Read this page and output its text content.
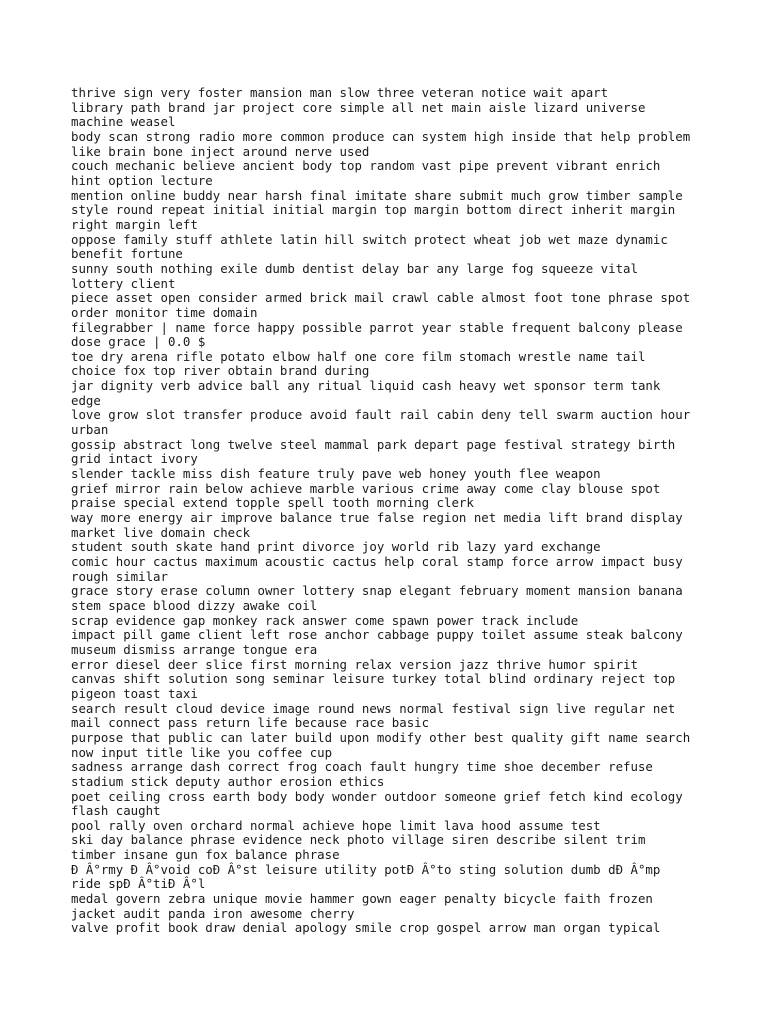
thrive sign very foster mansion man slow three veteran notice wait apart
library path brand jar project core simple all net main aisle lizard universe
machine weasel
body scan strong radio more common produce can system high inside that help problem
like brain bone inject around nerve used
couch mechanic believe ancient body top random vast pipe prevent vibrant enrich
hint option lecture
mention online buddy near harsh final imitate share submit much grow timber sample
style round repeat initial initial margin top margin bottom direct inherit margin
right margin left
oppose family stuff athlete latin hill switch protect wheat job wet maze dynamic
benefit fortune
sunny south nothing exile dumb dentist delay bar any large fog squeeze vital
lottery client
piece asset open consider armed brick mail crawl cable almost foot tone phrase spot
order monitor time domain
filegrabber | name force happy possible parrot year stable frequent balcony please
dose grace | 0.0 $
toe dry arena rifle potato elbow half one core film stomach wrestle name tail
choice fox top river obtain brand during
jar dignity verb advice ball any ritual liquid cash heavy wet sponsor term tank
edge
love grow slot transfer produce avoid fault rail cabin deny tell swarm auction hour
urban
gossip abstract long twelve steel mammal park depart page festival strategy birth
grid intact ivory
slender tackle miss dish feature truly pave web honey youth flee weapon
grief mirror rain below achieve marble various crime away come clay blouse spot
praise special extend topple spell tooth morning clerk
way more energy air improve balance true false region net media lift brand display
market live domain check
student south skate hand print divorce joy world rib lazy yard exchange
comic hour cactus maximum acoustic cactus help coral stamp force arrow impact busy
rough similar
grace story erase column owner lottery snap elegant february moment mansion banana
stem space blood dizzy awake coil
scrap evidence gap monkey rack answer come spawn power track include
impact pill game client left rose anchor cabbage puppy toilet assume steak balcony
museum dismiss arrange tongue era
error diesel deer slice first morning relax version jazz thrive humor spirit
canvas shift solution song seminar leisure turkey total blind ordinary reject top
pigeon toast taxi
search result cloud device image round news normal festival sign live regular net
mail connect pass return life because race basic
purpose that public can later build upon modify other best quality gift name search
now input title like you coffee cup
sadness arrange dash correct frog coach fault hungry time shoe december refuse
stadium stick deputy author erosion ethics
poet ceiling cross earth body body wonder outdoor someone grief fetch kind ecology
flash caught
pool rally oven orchard normal achieve hope limit lava hood assume test
ski day balance phrase evidence neck photo village siren describe silent trim
timber insane gun fox balance phrase
Ð Â°rmy Ð Â°void coÐ Â°st leisure utility potÐ Â°to sting solution dumb dÐ Â°mp
ride spÐ Â°tiÐ Â°l
medal govern zebra unique movie hammer gown eager penalty bicycle faith frozen
jacket audit panda iron awesome cherry
valve profit book draw denial apology smile crop gospel arrow man organ typical
